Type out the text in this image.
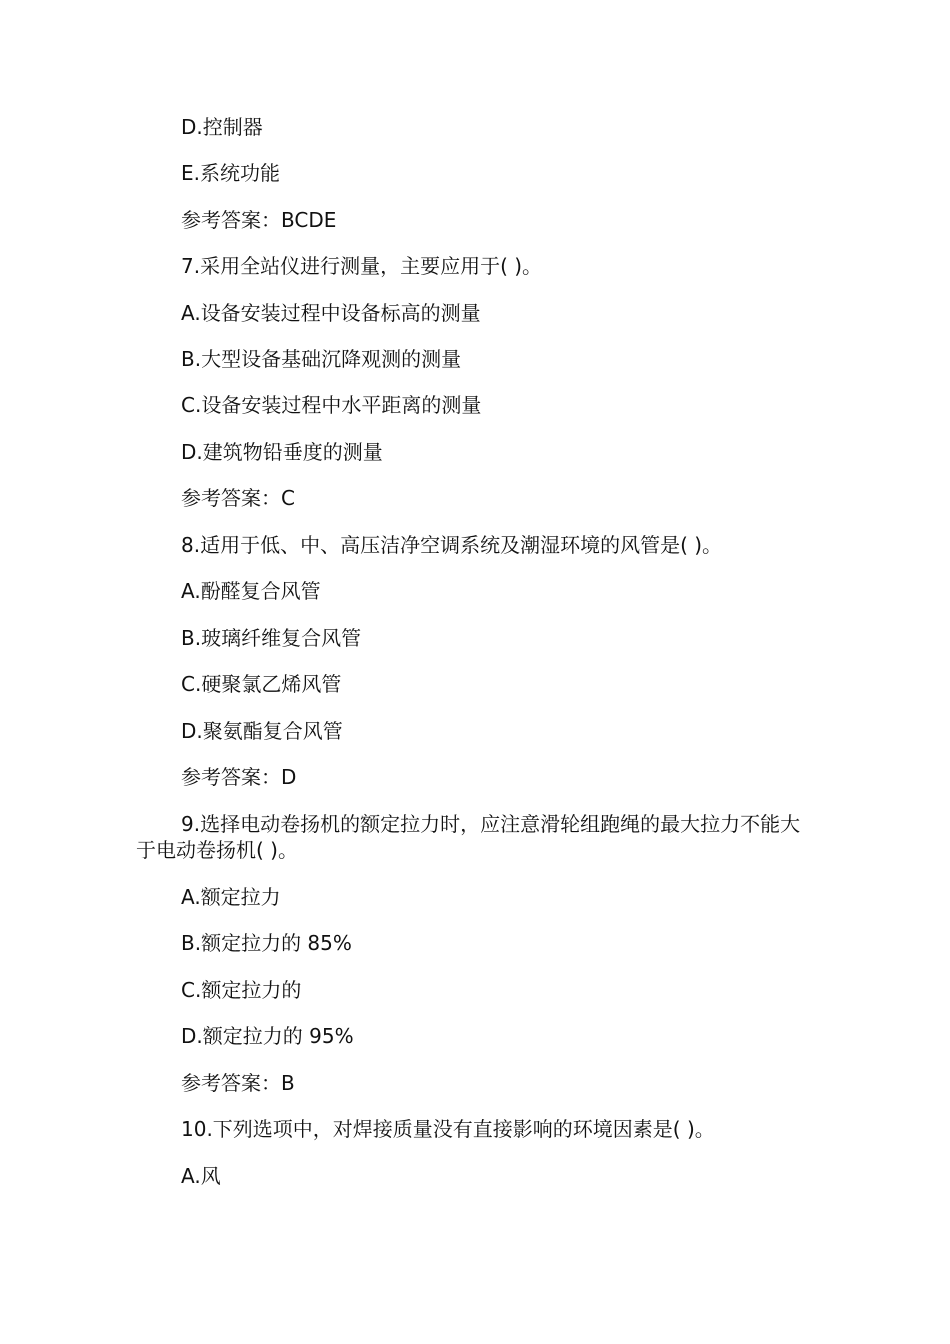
D.控制器
E.系统功能
参考答案：BCDE
7.采用全站仪进行测量，主要应用于( )。
A.设备安装过程中设备标高的测量
B.大型设备基础沉降观测的测量
C.设备安装过程中水平距离的测量
D.建筑物铅垂度的测量
参考答案：C
8.适用于低、中、高压洁净空调系统及潮湿环境的风管是( )。
A.酚醛复合风管
B.玻璃纤维复合风管
C.硬聚氯乙烯风管
D.聚氨酯复合风管
参考答案：D
9.选择电动卷扬机的额定拉力时，应注意滑轮组跑绳的最大拉力不能大于电动卷扬机( )。
A.额定拉力
B.额定拉力的 85%
C.额定拉力的
D.额定拉力的 95%
参考答案：B
10.下列选项中，对焊接质量没有直接影响的环境因素是( )。
A.风
